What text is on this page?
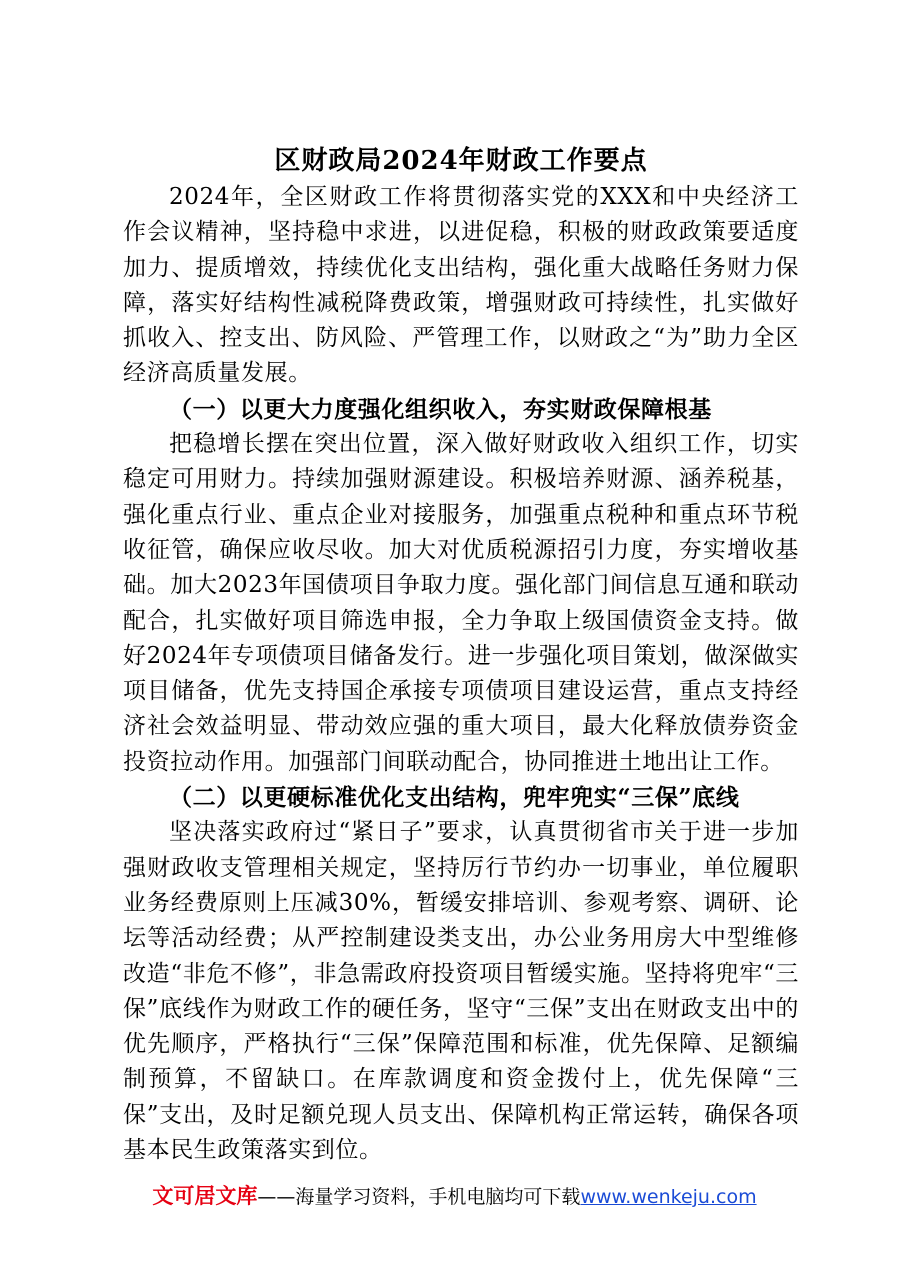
区财政局2024年财政工作要点

2024年，全区财政工作将贯彻落实党的XXX和中央经济工作会议精神，坚持稳中求进，以进促稳，积极的财政政策要适度加力、提质增效，持续优化支出结构，强化重大战略任务财力保障，落实好结构性减税降费政策，增强财政可持续性，扎实做好抓收入、控支出、防风险、严管理工作，以财政之“为”助力全区经济高质量发展。

（一）以更大力度强化组织收入，夯实财政保障根基

把稳增长摆在突出位置，深入做好财政收入组织工作，切实稳定可用财力。持续加强财源建设。积极培养财源、涵养税基，强化重点行业、重点企业对接服务，加强重点税种和重点环节税收征管，确保应收尽收。加大对优质税源招引力度，夯实增收基础。加大2023年国债项目争取力度。强化部门间信息互通和联动配合，扎实做好项目筛选申报，全力争取上级国债资金支持。做好2024年专项债项目储备发行。进一步强化项目策划，做深做实项目储备，优先支持国企承接专项债项目建设运营，重点支持经济社会效益明显、带动效应强的重大项目，最大化释放债券资金投资拉动作用。加强部门间联动配合，协同推进土地出让工作。

（二）以更硬标准优化支出结构，兜牢兜实“三保”底线

坚决落实政府过“紧日子”要求，认真贯彻省市关于进一步加强财政收支管理相关规定，坚持厉行节约办一切事业，单位履职业务经费原则上压减30%，暂缓安排培训、参观考察、调研、论坛等活动经费；从严控制建设类支出，办公业务用房大中型维修改造“非危不修”，非急需政府投资项目暂缓实施。坚持将兜牢“三保”底线作为财政工作的硬任务，坚守“三保”支出在财政支出中的优先顺序，严格执行“三保”保障范围和标准，优先保障、足额编制预算，不留缺口。在库款调度和资金拨付上，优先保障“三保”支出，及时足额兑现人员支出、保障机构正常运转，确保各项基本民生政策落实到位。

文可居文库——海量学习资料，手机电脑均可下载www.wenkeju.com
